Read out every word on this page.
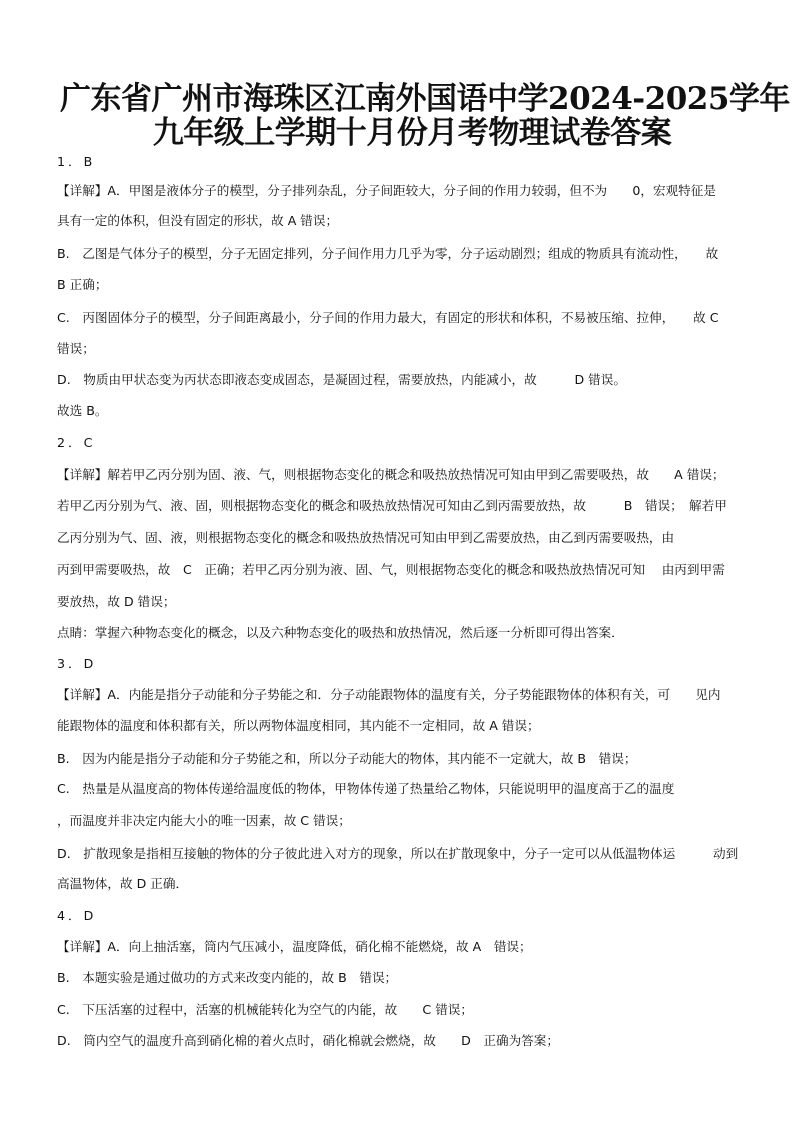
广东省广州市海珠区江南外国语中学2024-2025学年
九年级上学期十月份月考物理试卷答案
1．B
【详解】A．甲图是液体分子的模型，分子排列杂乱，分子间距较大，分子间的作用力较弱，但不为　　0，宏观特征是
具有一定的体积，但没有固定的形状，故 A 错误；
B.　乙图是气体分子的模型，分子无固定排列，分子间作用力几乎为零，分子运动剧烈；组成的物质具有流动性，　　故
B 正确；
C.　丙图固体分子的模型，分子间距离最小，分子间的作用力最大，有固定的形状和体积，不易被压缩、拉伸，　　故 C
错误；
D.　物质由甲状态变为丙状态即液态变成固态，是凝固过程，需要放热，内能减小，故　　　D 错误。
故选 B。
2．C
【详解】解若甲乙丙分别为固、液、气，则根据物态变化的概念和吸热放热情况可知由甲到乙需要吸热，故　　A 错误；
若甲乙丙分别为气、液、固，则根据物态变化的概念和吸热放热情况可知由乙到丙需要放热，故　　　B　错误；　解若甲
乙丙分别为气、固、液，则根据物态变化的概念和吸热放热情况可知由甲到乙需要放热，由乙到丙需要吸热，由
丙到甲需要吸热，故　C　正确；若甲乙丙分别为液、固、气，则根据物态变化的概念和吸热放热情况可知　 由丙到甲需
要放热，故 D 错误；
点睛：掌握六种物态变化的概念，以及六种物态变化的吸热和放热情况，然后逐一分析即可得出答案．
3．D
【详解】A．内能是指分子动能和分子势能之和．分子动能跟物体的温度有关，分子势能跟物体的体积有关，可　　见内
能跟物体的温度和体积都有关，所以两物体温度相同，其内能不一定相同，故 A 错误；
B.　因为内能是指分子动能和分子势能之和，所以分子动能大的物体，其内能不一定就大，故 B　错误；
C.　热量是从温度高的物体传递给温度低的物体，甲物体传递了热量给乙物体，只能说明甲的温度高于乙的温度
，而温度并非决定内能大小的唯一因素，故 C 错误；
D.　扩散现象是指相互接触的物体的分子彼此进入对方的现象，所以在扩散现象中，分子一定可以从低温物体运　　　动到
高温物体，故 D 正确．
4．D
【详解】A．向上抽活塞，筒内气压减小，温度降低，硝化棉不能燃烧，故 A　错误；
B.　本题实验是通过做功的方式来改变内能的，故 B　错误；
C.　下压活塞的过程中，活塞的机械能转化为空气的内能，故　　C 错误；
D.　筒内空气的温度升高到硝化棉的着火点时，硝化棉就会燃烧，故　　D　正确为答案；
